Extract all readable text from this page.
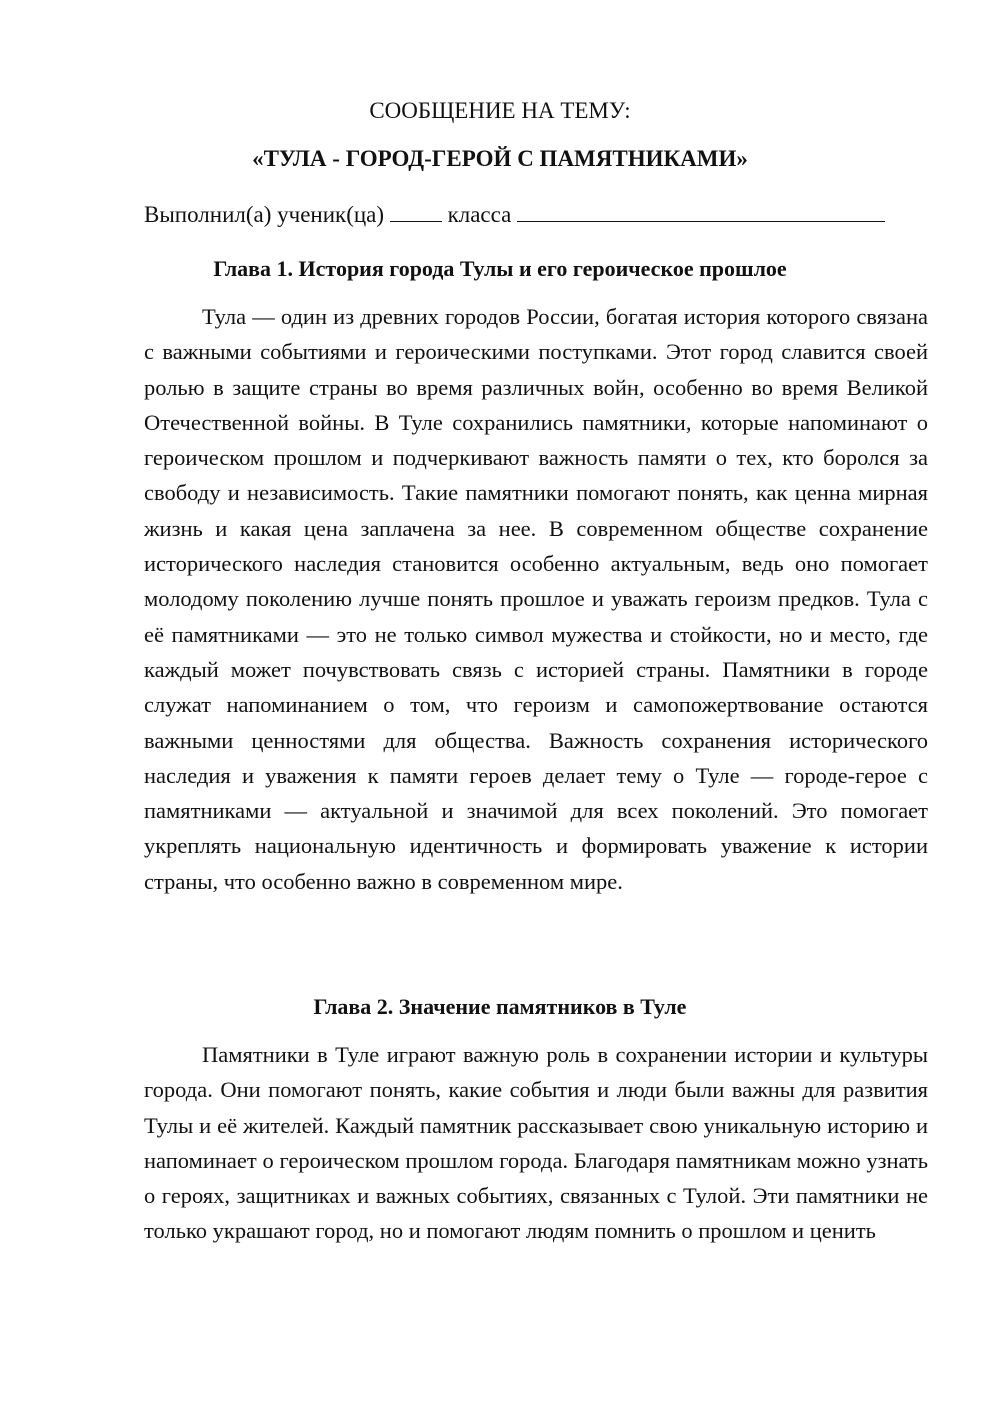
СООБЩЕНИЕ НА ТЕМУ:
«ТУЛА - ГОРОД-ГЕРОЙ С ПАМЯТНИКАМИ»
Выполнил(а) ученик(ца)	класса
Глава 1. История города Тулы и его героическое прошлое

Тула — один из древних городов России, богатая история которого связана с важными событиями и героическими поступками. Этот город славится своей ролью в защите страны во время различных войн, особенно во время Великой Отечественной войны. В Туле сохранились памятники, которые напоминают о героическом прошлом и подчеркивают важность памяти о тех, кто боролся за свободу и независимость. Такие памятники помогают понять, как ценна мирная жизнь и какая цена заплачена за нее. В современном обществе сохранение исторического наследия становится особенно актуальным, ведь оно помогает молодому поколению лучше понять прошлое и уважать героизм предков. Тула с её памятниками — это не только символ мужества и стойкости, но и место, где каждый может почувствовать связь с историей страны. Памятники в городе служат напоминанием о том, что героизм и самопожертвование остаются важными ценностями для общества. Важность сохранения исторического наследия и уважения к памяти героев делает тему о Туле — городе-герое с памятниками — актуальной и значимой для всех поколений. Это помогает укреплять национальную идентичность и формировать уважение к истории страны, что особенно важно в современном мире.

Глава 2. Значение памятников в Туле

Памятники в Туле играют важную роль в сохранении истории и культуры города. Они помогают понять, какие события и люди были важны для развития Тулы и её жителей. Каждый памятник рассказывает свою уникальную историю и напоминает о героическом прошлом города. Благодаря памятникам можно узнать о героях, защитниках и важных событиях, связанных с Тулой. Эти памятники не только украшают город, но и помогают людям помнить о прошлом и ценить
